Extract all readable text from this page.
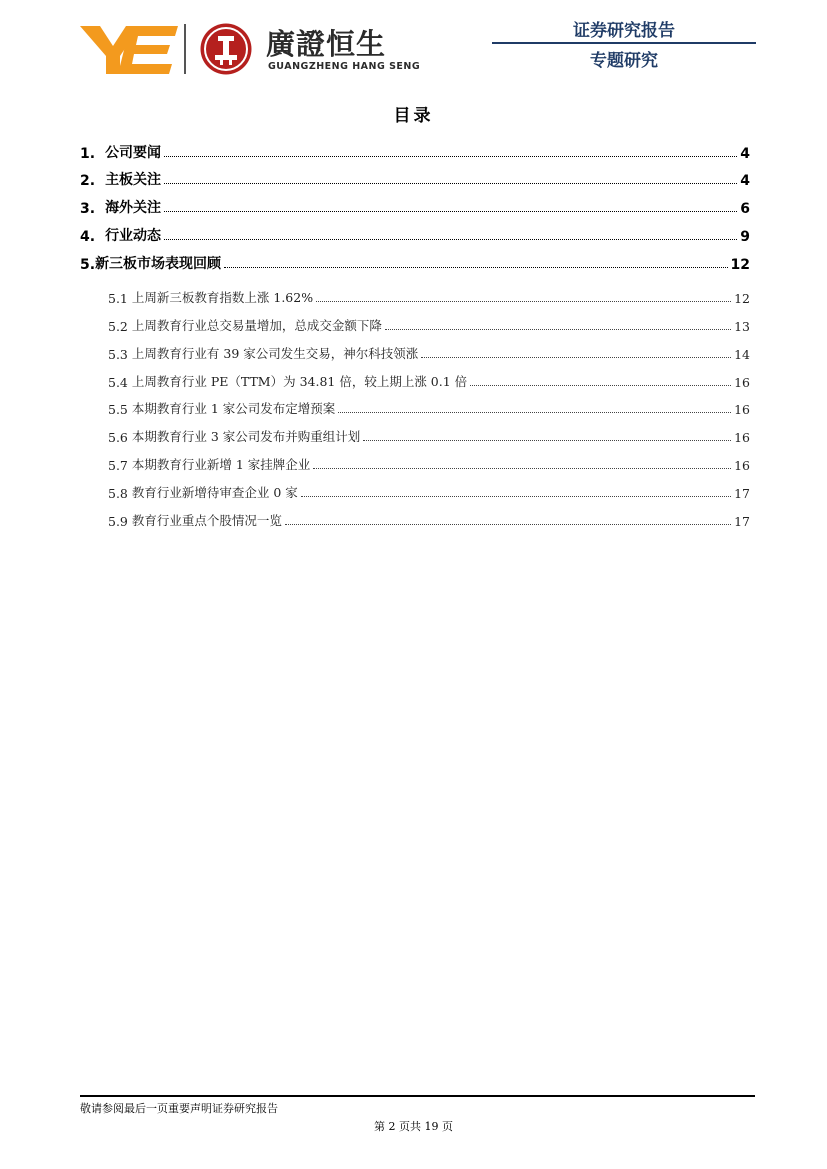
廣證恒生
GUANGZHENG HANG SENG
证券研究报告
专题研究
目录
1. 公司要闻	4
2. 主板关注	4
3. 海外关注	6
4. 行业动态	9
5. 新三板市场表现回顾	12
5.1 上周新三板教育指数上涨 1.62%	12
5.2 上周教育行业总交易量增加，总成交金额下降	13
5.3 上周教育行业有 39 家公司发生交易，神尔科技领涨	14
5.4 上周教育行业 PE（TTM）为 34.81 倍，较上期上涨 0.1 倍	16
5.5 本期教育行业 1 家公司发布定增预案	16
5.6 本期教育行业 3 家公司发布并购重组计划	16
5.7 本期教育行业新增 1 家挂牌企业	16
5.8 教育行业新增待审查企业 0 家	17
5.9 教育行业重点个股情况一览	17
敬请参阅最后一页重要声明证券研究报告
第 2 页共 19 页
